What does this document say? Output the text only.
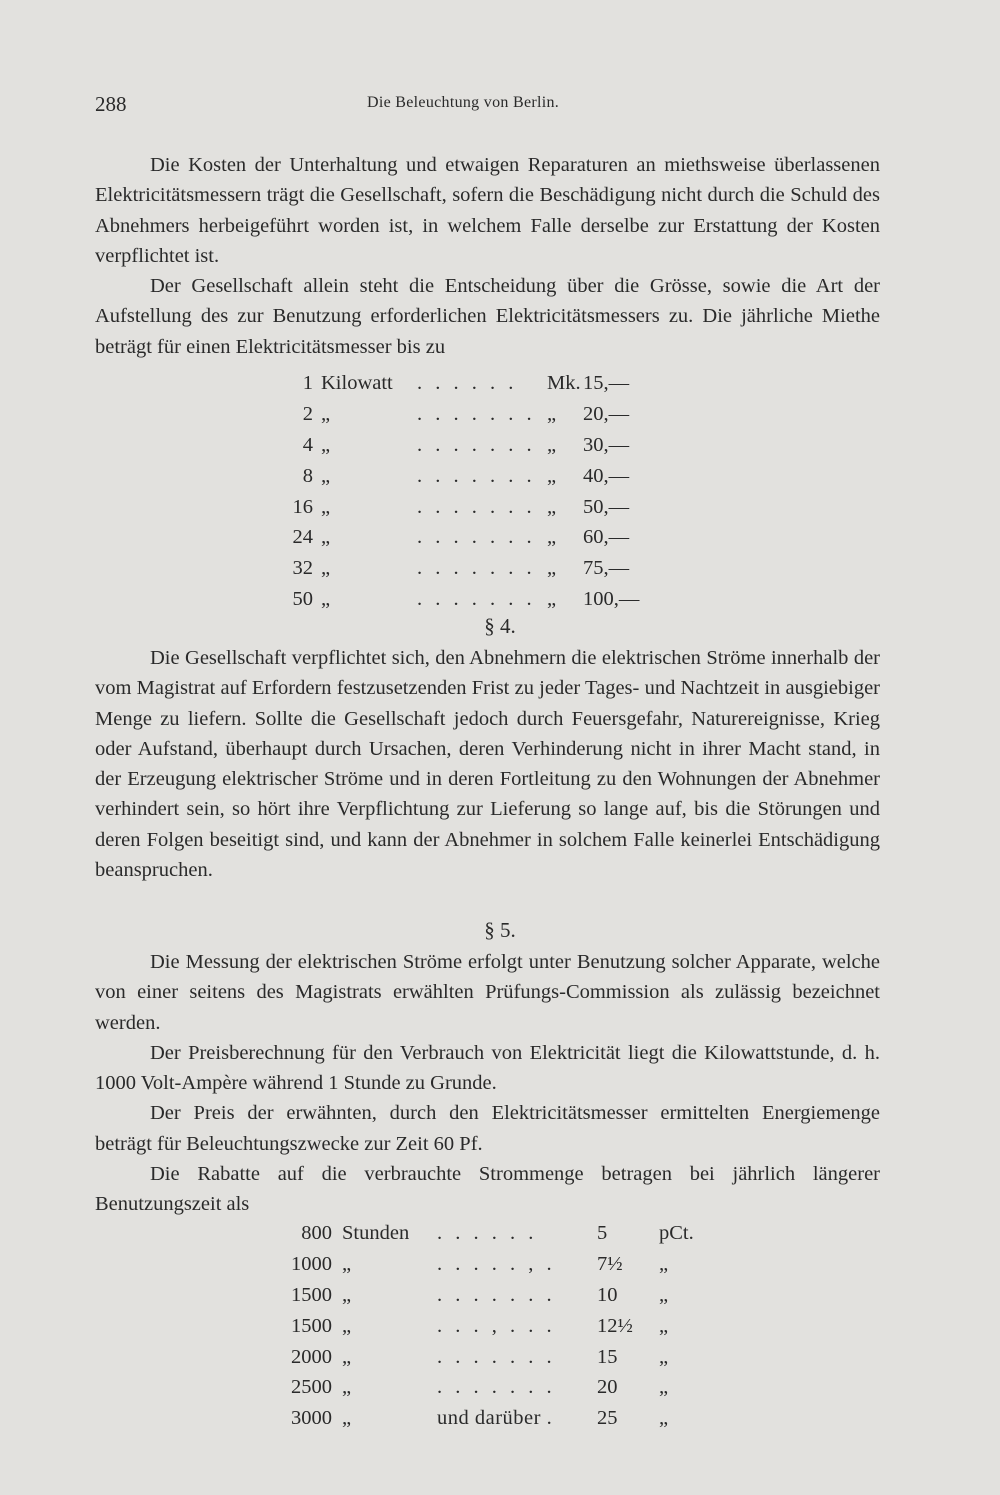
288	Die Beleuchtung von Berlin.

Die Kosten der Unterhaltung und etwaigen Reparaturen an miethsweise überlassenen Elektricitätsmessern trägt die Gesellschaft, sofern die Beschädigung nicht durch die Schuld des Abnehmers herbeigeführt worden ist, in welchem Falle derselbe zur Erstattung der Kosten verpflichtet ist.

Der Gesellschaft allein steht die Entscheidung über die Grösse, sowie die Art der Aufstellung des zur Benutzung erforderlichen Elektricitätsmessers zu. Die jährliche Miethe beträgt für einen Elektricitätsmesser bis zu

1	Kilowatt	. . . . . .	Mk.	15,—
2	„	. . . . . . .	„	20,—
4	„	. . . . . . .	„	30,—
8	„	. . . . . . .	„	40,—
16	„	. . . . . . .	„	50,—
24	„	. . . . . . .	„	60,—
32	„	. . . . . . .	„	75,—
50	„	. . . . . . .	„	100,—
§ 4.

Die Gesellschaft verpflichtet sich, den Abnehmern die elektrischen Ströme innerhalb der vom Magistrat auf Erfordern festzusetzenden Frist zu jeder Tages- und Nachtzeit in ausgiebiger Menge zu liefern. Sollte die Gesellschaft jedoch durch Feuersgefahr, Naturereignisse, Krieg oder Aufstand, überhaupt durch Ursachen, deren Verhinderung nicht in ihrer Macht stand, in der Erzeugung elektrischer Ströme und in deren Fortleitung zu den Wohnungen der Abnehmer verhindert sein, so hört ihre Verpflichtung zur Lieferung so lange auf, bis die Störungen und deren Folgen beseitigt sind, und kann der Abnehmer in solchem Falle keinerlei Entschädigung beanspruchen.

§ 5.

Die Messung der elektrischen Ströme erfolgt unter Benutzung solcher Apparate, welche von einer seitens des Magistrats erwählten Prüfungs-Commission als zulässig bezeichnet werden.

Der Preisberechnung für den Verbrauch von Elektricität liegt die Kilowattstunde, d. h. 1000 Volt-Ampère während 1 Stunde zu Grunde.

Der Preis der erwähnten, durch den Elektricitätsmesser ermittelten Energiemenge beträgt für Beleuchtungszwecke zur Zeit 60 Pf.

Die Rabatte auf die verbrauchte Strommenge betragen bei jährlich längerer Benutzungszeit als

800	Stunden	. . . . . .	5	pCt.
1000	„	. . . . . , .	7½	„
1500	„	. . . . . . .	10	„
1500	„	. . . , . . .	12½	„
2000	„	. . . . . . .	15	„
2500	„	. . . . . . .	20	„
3000	„	und darüber .	25	„
